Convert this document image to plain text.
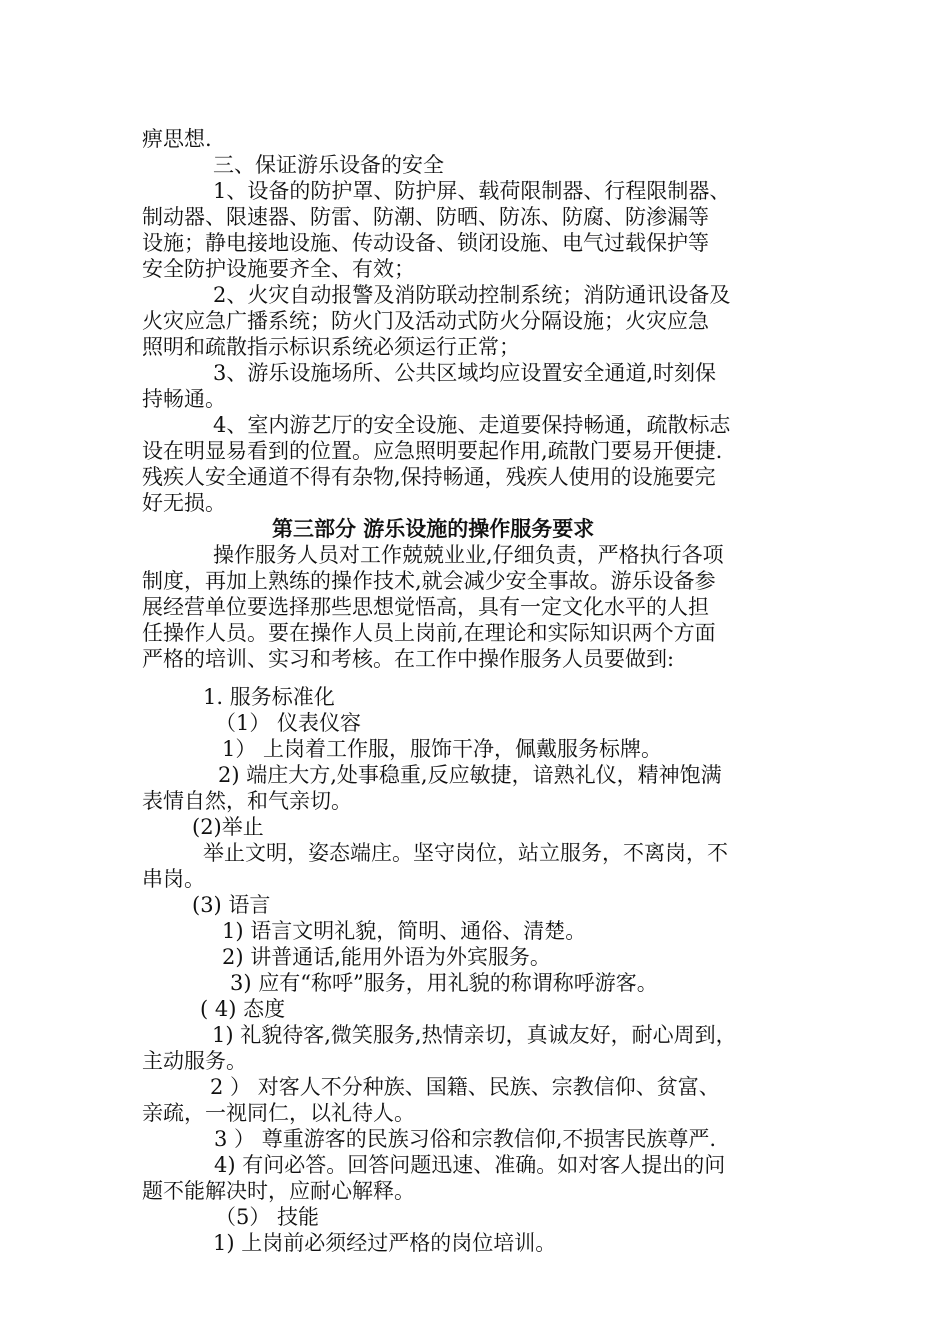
痹思想.
三、保证游乐设备的安全
1、设备的防护罩、防护屏、载荷限制器、行程限制器、
制动器、限速器、防雷、防潮、防晒、防冻、防腐、防渗漏等
设施；静电接地设施、传动设备、锁闭设施、电气过载保护等
安全防护设施要齐全、有效；
2、火灾自动报警及消防联动控制系统；消防通讯设备及
火灾应急广播系统；防火门及活动式防火分隔设施；火灾应急
照明和疏散指示标识系统必须运行正常；
3、游乐设施场所、公共区域均应设置安全通道,时刻保
持畅通。
4、室内游艺厅的安全设施、走道要保持畅通，疏散标志
设在明显易看到的位置。应急照明要起作用,疏散门要易开便捷.
残疾人安全通道不得有杂物,保持畅通，残疾人使用的设施要完
好无损。
第三部分 游乐设施的操作服务要求
操作服务人员对工作兢兢业业,仔细负责，严格执行各项
制度，再加上熟练的操作技术,就会减少安全事故。游乐设备参
展经营单位要选择那些思想觉悟高，具有一定文化水平的人担
任操作人员。要在操作人员上岗前,在理论和实际知识两个方面
严格的培训、实习和考核。在工作中操作服务人员要做到:
1. 服务标准化
（1） 仪表仪容
1） 上岗着工作服，服饰干净，佩戴服务标牌。
2) 端庄大方,处事稳重,反应敏捷，谙熟礼仪，精神饱满
表情自然，和气亲切。
(2)举止
举止文明，姿态端庄。坚守岗位，站立服务，不离岗，不
串岗。
(3) 语言
1) 语言文明礼貌，简明、通俗、清楚。
2) 讲普通话,能用外语为外宾服务。
3) 应有“称呼”服务，用礼貌的称谓称呼游客。
( 4) 态度
1) 礼貌待客,微笑服务,热情亲切，真诚友好，耐心周到，
主动服务。
2 ） 对客人不分种族、国籍、民族、宗教信仰、贫富、
亲疏，一视同仁，以礼待人。
3 ） 尊重游客的民族习俗和宗教信仰,不损害民族尊严.
4) 有问必答。回答问题迅速、准确。如对客人提出的问
题不能解决时，应耐心解释。
（5） 技能
1) 上岗前必须经过严格的岗位培训。
